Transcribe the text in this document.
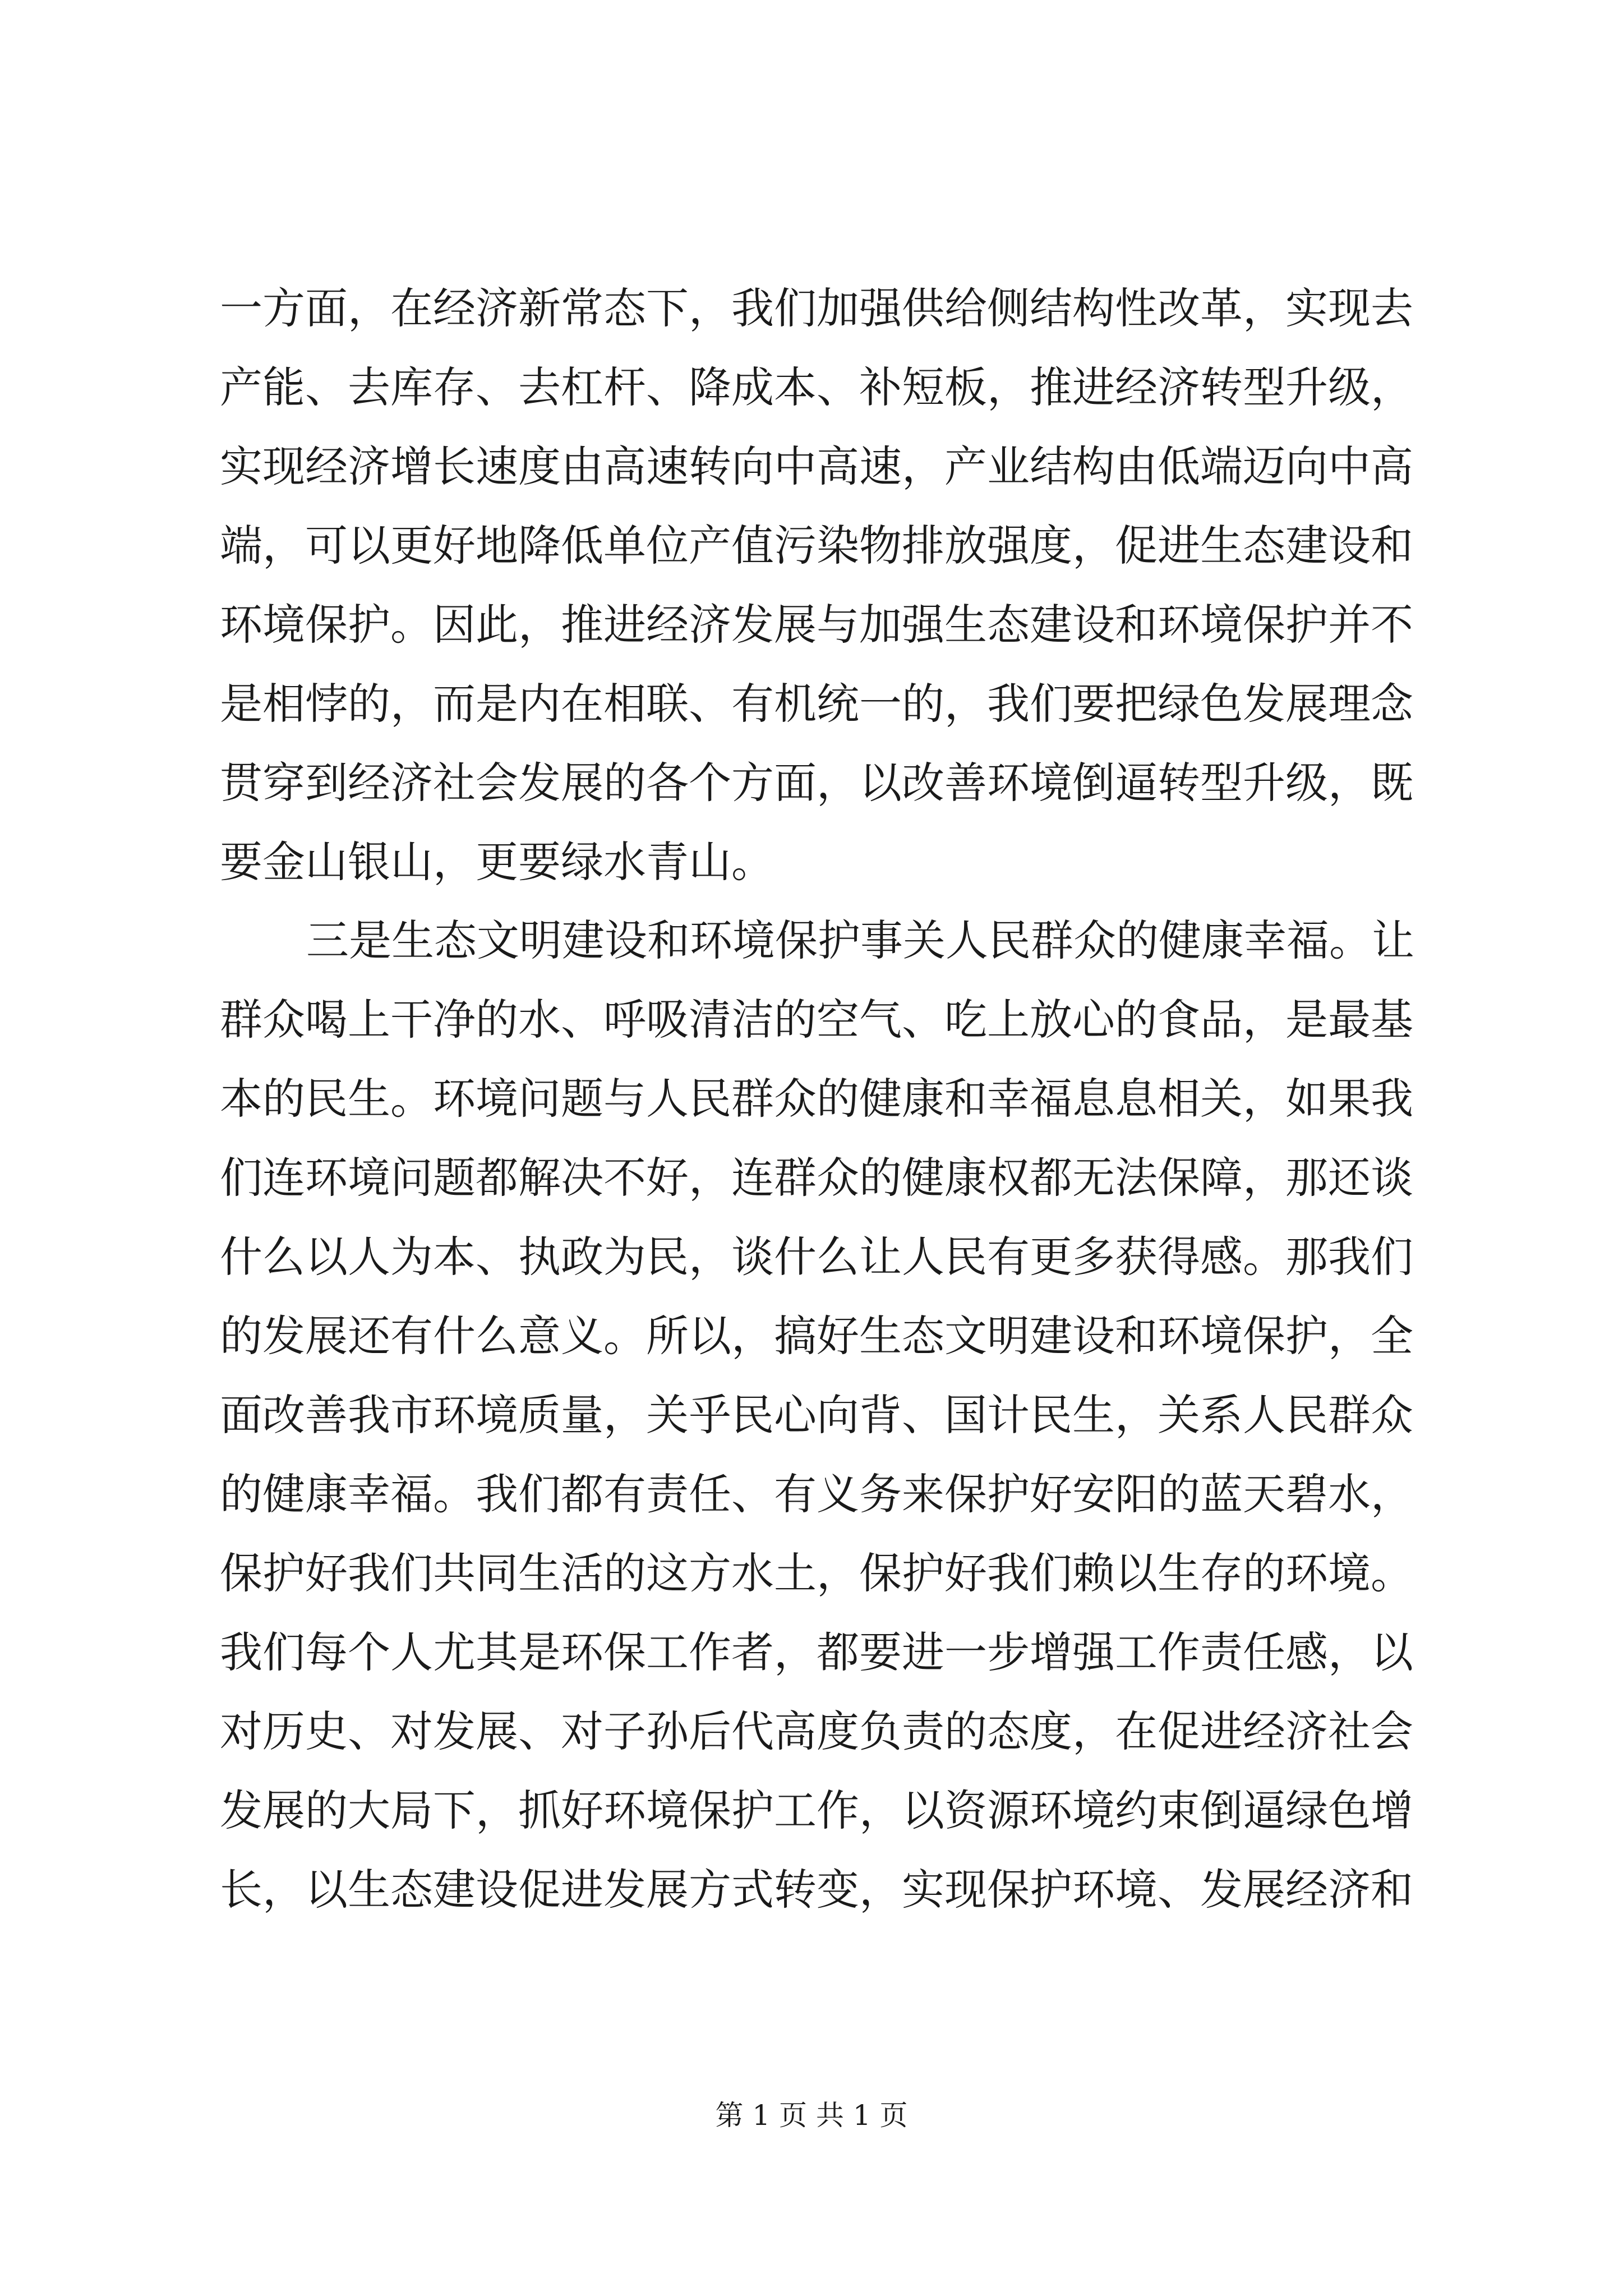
一方面，在经济新常态下，我们加强供给侧结构性改革，实现去
产能、去库存、去杠杆、降成本、补短板，推进经济转型升级，
实现经济增长速度由高速转向中高速，产业结构由低端迈向中高
端，可以更好地降低单位产值污染物排放强度，促进生态建设和
环境保护。因此，推进经济发展与加强生态建设和环境保护并不
是相悖的，而是内在相联、有机统一的，我们要把绿色发展理念
贯穿到经济社会发展的各个方面，以改善环境倒逼转型升级，既
要金山银山，更要绿水青山。
三是生态文明建设和环境保护事关人民群众的健康幸福。让
群众喝上干净的水、呼吸清洁的空气、吃上放心的食品，是最基
本的民生。环境问题与人民群众的健康和幸福息息相关，如果我
们连环境问题都解决不好，连群众的健康权都无法保障，那还谈
什么以人为本、执政为民，谈什么让人民有更多获得感。那我们
的发展还有什么意义。所以，搞好生态文明建设和环境保护，全
面改善我市环境质量，关乎民心向背、国计民生，关系人民群众
的健康幸福。我们都有责任、有义务来保护好安阳的蓝天碧水，
保护好我们共同生活的这方水土，保护好我们赖以生存的环境。
我们每个人尤其是环保工作者，都要进一步增强工作责任感，以
对历史、对发展、对子孙后代高度负责的态度，在促进经济社会
发展的大局下，抓好环境保护工作，以资源环境约束倒逼绿色增
长，以生态建设促进发展方式转变，实现保护环境、发展经济和
第 1 页 共 1 页
